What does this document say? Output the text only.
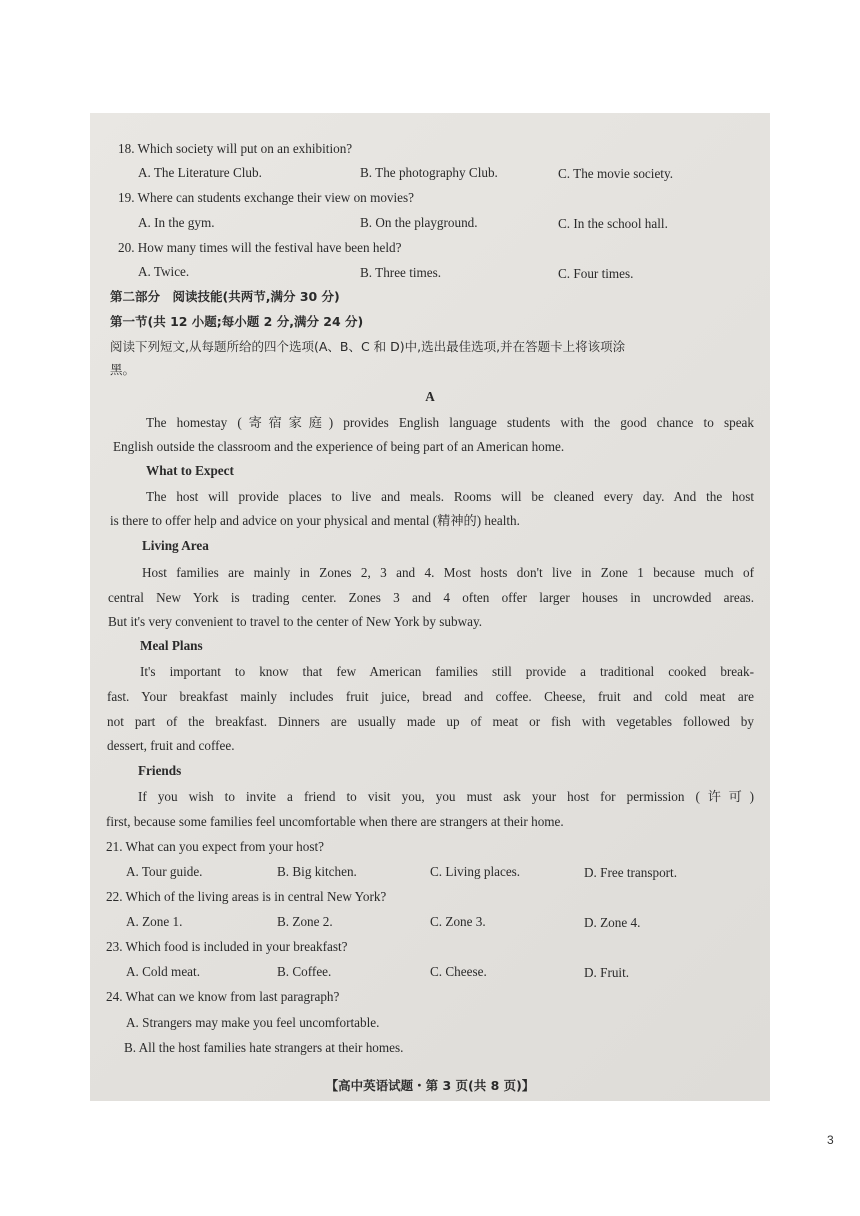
18. Which society will put on an exhibition?
A. The Literature Club.	B. The photography Club.	C. The movie society.
19. Where can students exchange their view on movies?
A. In the gym.	B. On the playground.	C. In the school hall.
20. How many times will the festival have been held?
A. Twice.	B. Three times.	C. Four times.
第二部分　阅读技能(共两节,满分 30 分)
第一节(共 12 小题;每小题 2 分,满分 24 分)
阅读下列短文,从每题所给的四个选项(A、B、C 和 D)中,选出最佳选项,并在答题卡上将该项涂
黑。
A
The homestay (寄宿家庭) provides English language students with the good chance to speak
English outside the classroom and the experience of being part of an American home.
What to Expect
The host will provide places to live and meals. Rooms will be cleaned every day. And the host
is there to offer help and advice on your physical and mental (精神的) health.
Living Area
Host families are mainly in Zones 2, 3 and 4. Most hosts don't live in Zone 1 because much of
central New York is trading center. Zones 3 and 4 often offer larger houses in uncrowded areas.
But it's very convenient to travel to the center of New York by subway.
Meal Plans
It's important to know that few American families still provide a traditional cooked break-
fast. Your breakfast mainly includes fruit juice, bread and coffee. Cheese, fruit and cold meat are
not part of the breakfast. Dinners are usually made up of meat or fish with vegetables followed by
dessert, fruit and coffee.
Friends
If you wish to invite a friend to visit you, you must ask your host for permission (许可)
first, because some families feel uncomfortable when there are strangers at their home.
21. What can you expect from your host?
A. Tour guide.	B. Big kitchen.	C. Living places.	D. Free transport.
22. Which of the living areas is in central New York?
A. Zone 1.	B. Zone 2.	C. Zone 3.	D. Zone 4.
23. Which food is included in your breakfast?
A. Cold meat.	B. Coffee.	C. Cheese.	D. Fruit.
24. What can we know from last paragraph?
A. Strangers may make you feel uncomfortable.
B. All the host families hate strangers at their homes.
【高中英语试题・第 3 页(共 8 页)】
3
